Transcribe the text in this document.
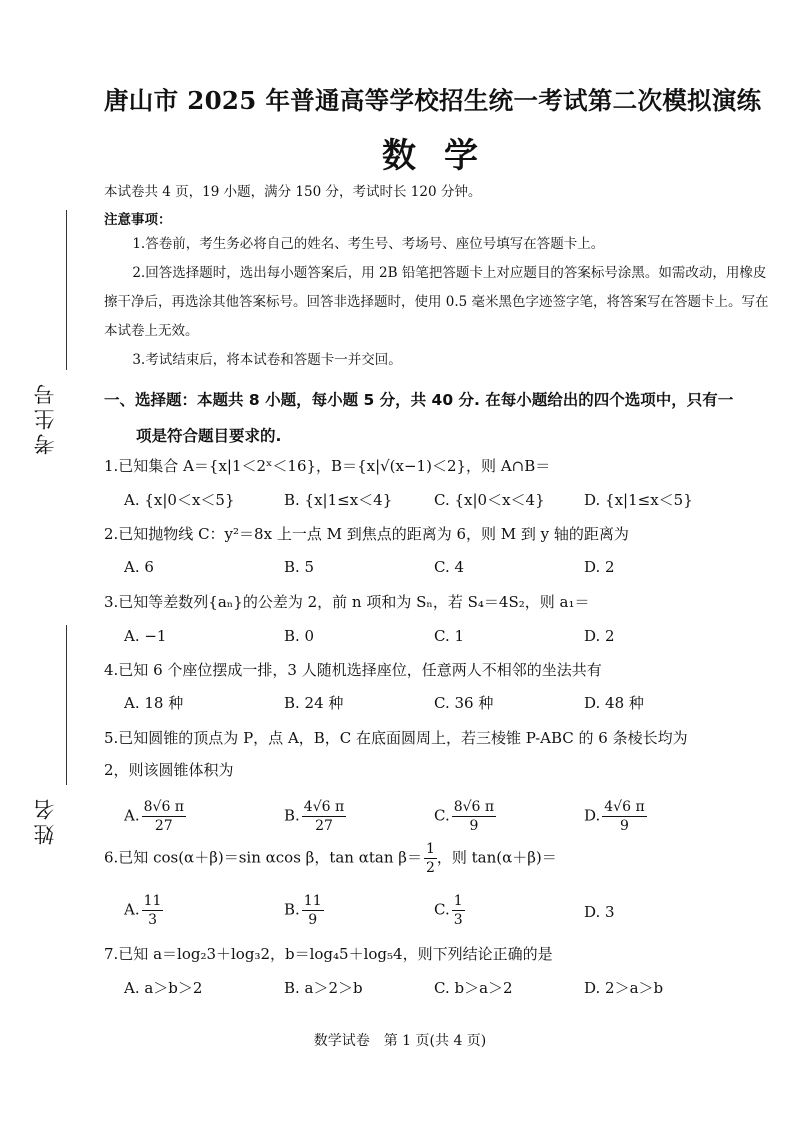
考生号
姓名
唐山市 2025 年普通高等学校招生统一考试第二次模拟演练
数学
本试卷共 4 页，19 小题，满分 150 分，考试时长 120 分钟。
注意事项：

1.答卷前，考生务必将自己的姓名、考生号、考场号、座位号填写在答题卡上。

2.回答选择题时，选出每小题答案后，用 2B 铅笔把答题卡上对应题目的答案标号涂黑。如需改动，用橡皮擦干净后，再选涂其他答案标号。回答非选择题时，使用 0.5 毫米黑色字迹签字笔，将答案写在答题卡上。写在本试卷上无效。

3.考试结束后，将本试卷和答题卡一并交回。

一、选择题：本题共 8 小题，每小题 5 分，共 40 分. 在每小题给出的四个选项中，只有一
项是符合题目要求的.
1.已知集合 A＝{x|1＜2ˣ＜16}，B＝{x|√(x−1)＜2}，则 A∩B＝
A. {x|0＜x＜5}	B. {x|1≤x＜4}	C. {x|0＜x＜4}	D. {x|1≤x＜5}
2.已知抛物线 C：y²＝8x 上一点 M 到焦点的距离为 6，则 M 到 y 轴的距离为
A. 6	B. 5	C. 4	D. 2
3.已知等差数列{aₙ}的公差为 2，前 n 项和为 Sₙ，若 S₄＝4S₂，则 a₁＝
A. −1	B. 0	C. 1	D. 2
4.已知 6 个座位摆成一排，3 人随机选择座位，任意两人不相邻的坐法共有
A. 18 种	B. 24 种	C. 36 种	D. 48 种
5.已知圆锥的顶点为 P，点 A，B，C 在底面圆周上，若三棱锥 P-ABC 的 6 条棱长均为
2，则该圆锥体积为
A. $\frac{8√6 \pi}{27}$	B. $\frac{4√6 \pi}{27}$	C. $\frac{8√6 \pi}{9}$	D. $\frac{4√6 \pi}{9}$
6.已知 cos(α＋β)＝sin αcos β，tan αtan $\beta= \frac{1}{2}$ ，则 tan(α＋β)＝
A. $\frac{11}{3}$	B. $\frac{11}{9}$	C. $\frac{1}{3}$	D. 3
7.已知 a＝log₂3＋log₃2，b＝log₄5＋log₅4，则下列结论正确的是
A. a＞b＞2	B. a＞2＞b	C. b＞a＞2	D. 2＞a＞b
数学试卷　第 1 页(共 4 页)
